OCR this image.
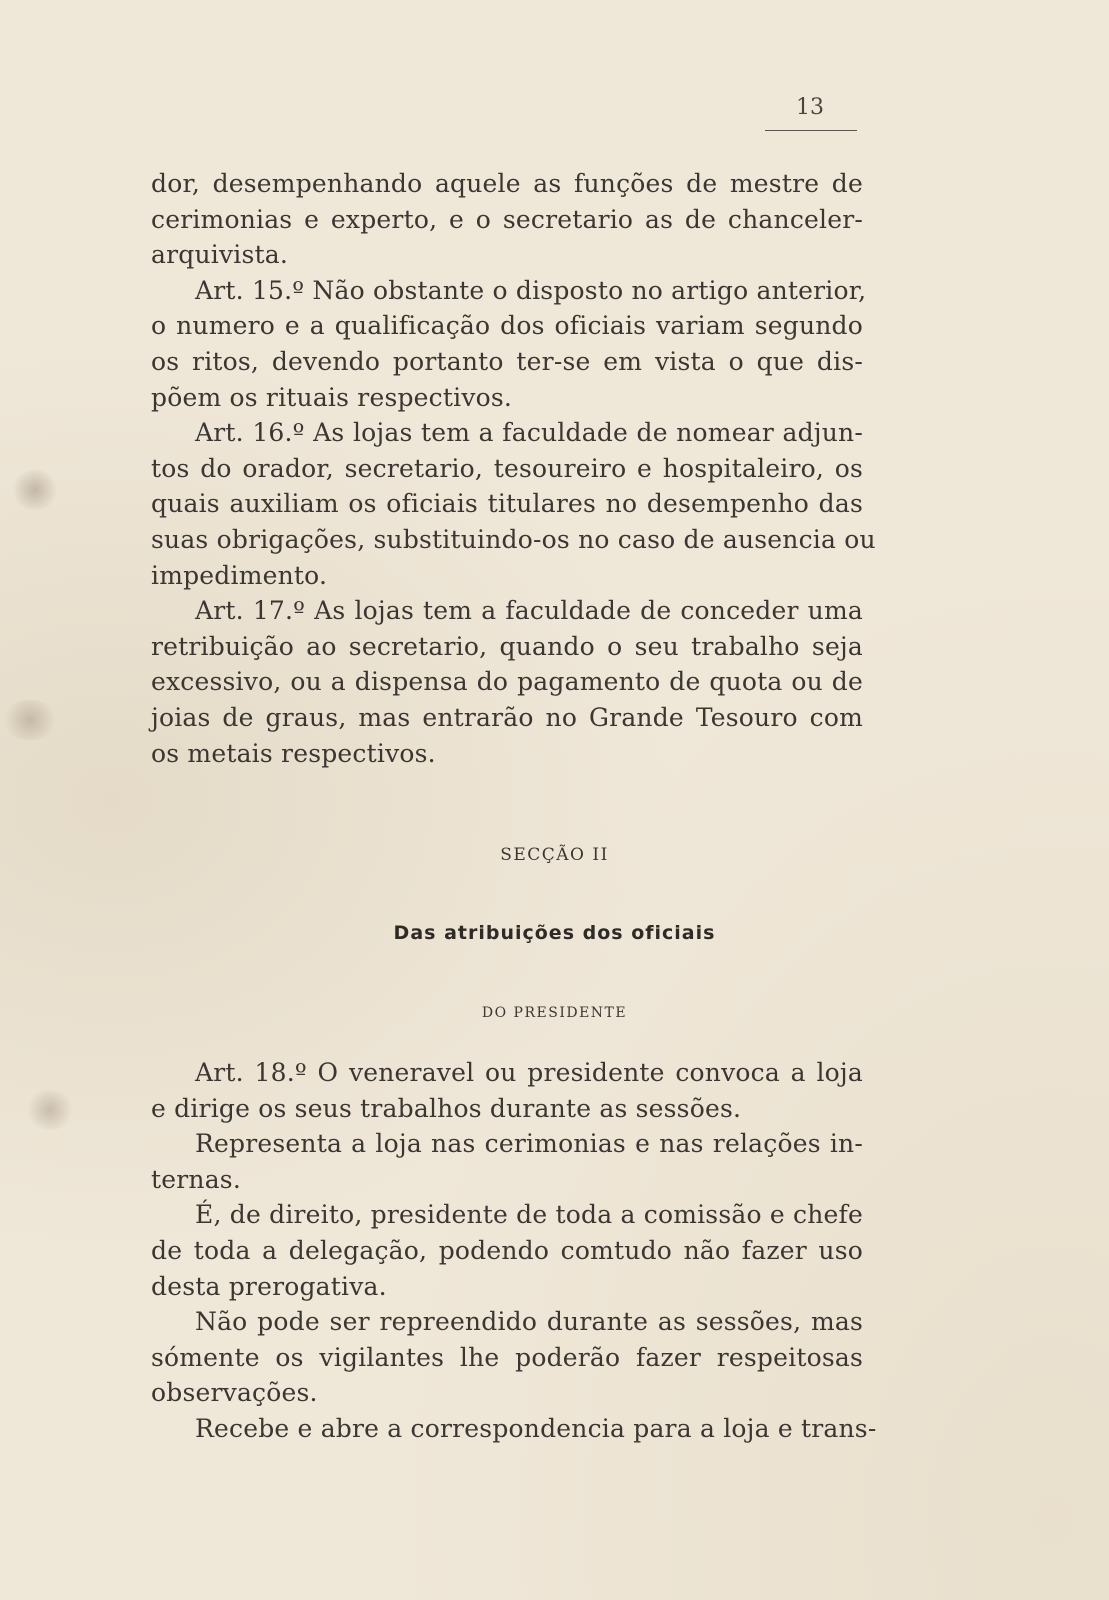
13
dor, desempenhando aquele as funções de mestre de
cerimonias e experto, e o secretario as de chanceler-
arquivista.
Art. 15.º Não obstante o disposto no artigo anterior,
o numero e a qualificação dos oficiais variam segundo
os ritos, devendo portanto ter-se em vista o que dis-
põem os rituais respectivos.
Art. 16.º As lojas tem a faculdade de nomear adjun-
tos do orador, secretario, tesoureiro e hospitaleiro, os
quais auxiliam os oficiais titulares no desempenho das
suas obrigações, substituindo-os no caso de ausencia ou
impedimento.
Art. 17.º As lojas tem a faculdade de conceder uma
retribuição ao secretario, quando o seu trabalho seja
excessivo, ou a dispensa do pagamento de quota ou de
joias de graus, mas entrarão no Grande Tesouro com
os metais respectivos.
SECÇÃO II
Das atribuições dos oficiais
DO PRESIDENTE
Art. 18.º O veneravel ou presidente convoca a loja
e dirige os seus trabalhos durante as sessões.
Representa a loja nas cerimonias e nas relações in-
ternas.
É, de direito, presidente de toda a comissão e chefe
de toda a delegação, podendo comtudo não fazer uso
desta prerogativa.
Não pode ser repreendido durante as sessões, mas
sómente os vigilantes lhe poderão fazer respeitosas
observações.
Recebe e abre a correspondencia para a loja e trans-
